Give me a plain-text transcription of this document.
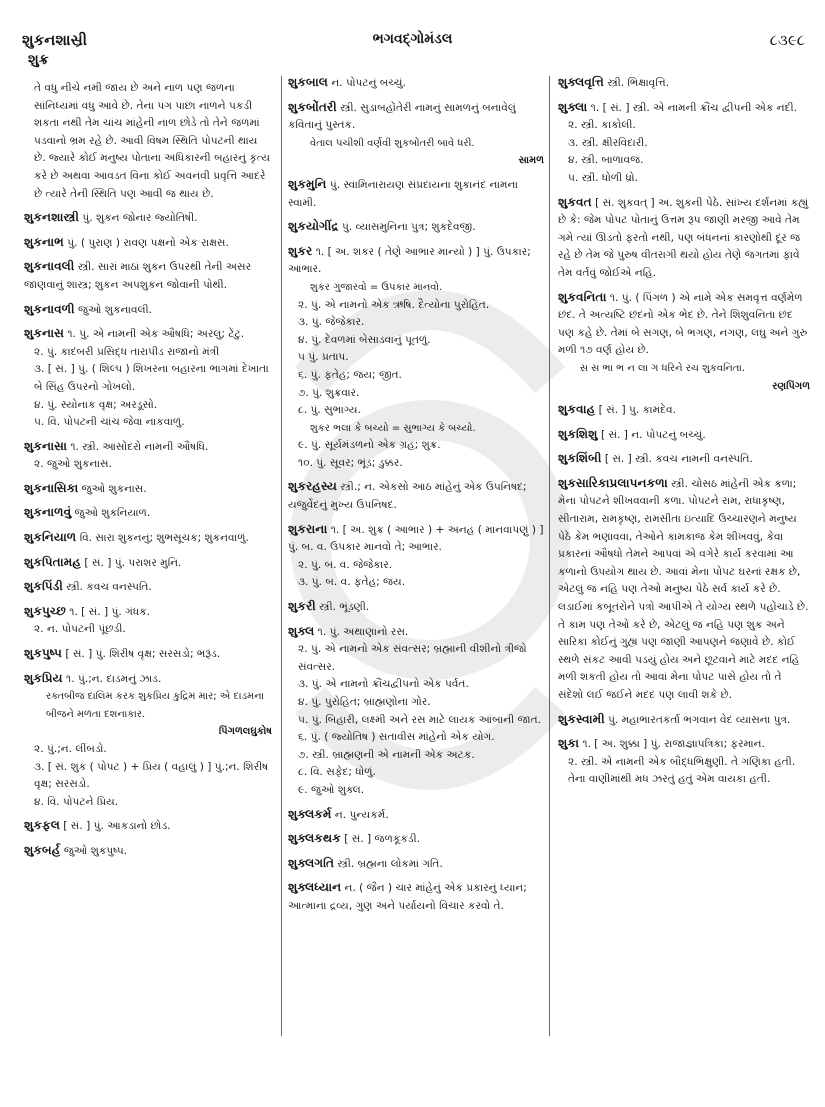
શુકનશાસ્રી
શુક્ર
ભગવદ્ગોમંડલ	૮૩૯૮
તે વધુ નીચે નમી જાય છે અને નાળ પણ જળના સાંનિધ્યમાં વધુ આવે છે. તેના પગ પાછા નાળને પકડી શકતા નથી તેમ ચાંચ માંહેની નાળ છોડે તો તેને જળમાં પડવાનો ભ્રમ રહે છે. આવી વિષમ સ્થિતિ પોપટની થાય છે. જ્યારે કોઈ મનુષ્ય પોતાના અધિકારની બહારનું કૃત્ય કરે છે અથવા આવડત વિના કોઈ અવનવી પ્રવૃત્તિ આદરે છે ત્યારે તેની સ્થિતિ પણ આવી જ થાય છે.
શુકનશાસ્ત્રી પું. શુકન જોનાર જ્યોતિષી.
શુકનાભ પું. ( પુરાણ ) રાવણ પક્ષનો એક રાક્ષસ.
શુકનાવલી સ્ત્રી. સારાં માઠાં શુકન ઉપરથી તેની અસર જાણવાનું શાસ્ત્ર; શુકન અપશુકન જોવાની પોથી.
શુકનાવળી જુઓ શુકનાવલી.
શુકનાસ ૧. પું. એ નામની એક ઔષધિ; અરલુ; ટેંટુ.
૨. પું. કાદંબરી પ્રસિદ્ધ તારાપીડ રાજાનો મંત્રી
૩. [ સં. ] પું. ( શિલ્પ ) શિખરના બહારના ભાગમાં દેખાતા બે સિંહ ઉપરનો ગોખલો.
૪. પું. સ્યોનાક વૃક્ષ; અરડૂસો.
૫. વિ. પોપટની ચાંચ જેવા નાકવાળું.
શુકનાસા ૧. સ્ત્રી. આસોંદરો નામની ઔષધિ.
૨. જુઓ શુકનાસ.
શુકનાસિકા જુઓ શુકનાસ.
શુકનાળવું જુઓ શુકનિયાળ.
શુકનિયાળ વિ. સારા શુકનનું; શુભસૂચક; શુકનવાળું.
શુકપિતામહ [ સં. ] પું. પરાશર મુનિ.
શુકપિંડી સ્ત્રી. કવચ વનસ્પતિ.
શુકપુચ્છ ૧. [ સં. ] પું. ગંધક.
૨. ન. પોપટની પૂંછડી.
શુકપુષ્પ [ સં. ] પું. શિરીષ વૃક્ષ; સરસડો; ભરૂંડ.
શુકપ્રિય ૧. પું.;ન. દાડમનું ઝાડ.
રક્તબીજ દાલિમ કરક શુકપ્રિય કુદ્રિમ માર; એ દાડમના બીજને મળતા દશનાકાર.
પિંગળલઘુકોષ
૨. પું.;ન. લીંબડો.
૩. [ સં. શુક ( પોપટ ) + પ્રિય ( વહાલું ) ] પું.;ન. શિરીષ વૃક્ષ; સરસડો.
૪. વિ. પોપટને પ્રિય.
શુકફલ [ સં. ] પું. આકડાનો છોડ.
શુકબર્હ જુઓ શુકપુષ્પ.
શુકબાલ ન. પોપટનું બચ્ચું.
શુકબોંતરી સ્ત્રી. સુડાબહોંતેરી નામનું સામળનું બનાવેલું કવિતાનું પુસ્તક.
વેતાલ પચીશી વર્ણવી શુકબોંતરી બાવે ધરી.
સામળ
શુકમુનિ પું. સ્વામિનારાયણ સંપ્રદાયના શુકાનંદ નામના સ્વામી.
શુકયોગીંદ્ર પું. વ્યાસમુનિના પુત્ર; શુકદેવજી.
શુકર ૧. [ અ. શકર ( તેણે આભાર માન્યો ) ] પું. ઉપકાર; આભાર.
શુકર ગુજારવો = ઉપકાર માનવો.
૨. પું. એ નામનો એક ઋષિ. દૈત્યોના પુરોહિત.
૩. પું. જેજેકાર.
૪. પું. દેવળમાં બેસાડવાનું પૂતળું.
૫ પું. પ્રતાપ.
૬. પું. ફતેહ; જય; જીત.
૭. પું. શુક્રવાર.
૮. પું. સુભાગ્ય.
શુકર ભલા કે બચ્યો = સુભાગ્ય કે બચ્યો.
૯. પું. સૂર્યમંડળનો એક ગ્રહ; શુક્ર.
૧૦. પું. સૂવર; ભૂંડ; ડુક્કર.
શુકરહસ્ય સ્ત્રી.; ન. એકસો આઠ માંહેનું એક ઉપનિષદ; યજુર્વેદનું મુખ્ય ઉપનિષદ.
શુકરાના ૧. [ અ. શુક્ર ( આભાર ) + અનહ ( માનવાપણું ) ] પું. બ. વ. ઉપકાર માનવો તે; આભાર.
૨. પું. બ. વ. જેજેકાર.
૩. પું. બ. વ. ફતેહ; જય.
શુકરી સ્ત્રી. ભૂંડણી.
શુક્લ ૧. પું. અથાણાનો રસ.
૨. પું. એ નામનો એક સંવત્સર; બ્રહ્માની વીશીનો ત્રીજો સંવત્સર.
૩. પું. એ નામનો ક્રૌંચદ્વીપનો એક પર્વત.
૪. પું. પુરોહિત; બ્રાહ્મણોના ગોર.
૫. પું. બિહારી, લક્ષ્મી અને રસ માટે લાયક આંબાની જાત.
૬. પું. ( જ્યોતિષ ) સતાવીસ માંહેનો એક યોગ.
૭. સ્ત્રી. બ્રાહ્મણની એ નામની એક અટક.
૮. વિ. સફેદ; ધોળું.
૯. જુઓ શુક્લ.
શુક્લકર્મ ન. પુન્યકર્મ.
શુક્લકથક [ સં. ] જળકૂકડી.
શુક્લગતિ સ્ત્રી. બ્રહ્મના લોકમાં ગતિ.
શુક્લધ્યાન ન. ( જૈન ) ચાર માંહેનું એક પ્રકારનું ધ્યાન; આત્માના દ્રવ્ય, ગુણ અને પર્યાયનો વિચાર કરવો તે.
શુક્લવૃત્તિ સ્ત્રી. ભિક્ષાવૃત્તિ.
શુક્લા ૧. [ સં. ] સ્ત્રી. એ નામની ક્રૌંચ દ્વીપની એક નદી.
૨. સ્ત્રી. કાકોલી.
૩. સ્ત્રી. ક્ષીરવિદારી.
૪. સ્ત્રી. બાળાવજ.
૫. સ્ત્રી. ધોળી ધ્રો.
શુકવત [ સં. શુકવત્ ] અ. શુકની પેઠે. સાંખ્ય દર્શનમાં કહ્યું છે કે: જેમ પોપટ પોતાનું ઉત્તમ રૂપ જાણી મરજી આવે તેમ ગમે ત્યાં ઊડતો ફરતો નથી, પણ બંધનનાં કારણોથી દૂર જ રહે છે તેમ જે પુરુષ વીતરાગી થયો હોય તેણે જગતમાં ફાવે તેમ વર્તવું જોઈએ નહિ.
શુકવનિતા ૧. પું. ( પિંગળ ) એ નામે એક સમવૃત્ત વર્ણમેળ છંદ. તે અત્યષ્ટિ છંદનો એક ભેદ છે. તેને શિશુવનિતા છંદ પણ કહે છે. તેમાં બે સગણ, બે ભગણ, નગણ, લઘુ અને ગુરુ મળી ૧૭ વર્ણ હોય છે.
સ સ ભા ભ ન લા ગ ધરિને રચ શુકવનિતા.
રણપિંગળ
શુકવાહ [ સં. ] પુ. કામદેવ.
શુકશિશુ [ સં. ] ન. પોપટનું બચ્ચું.
શુકશિંબી [ સં. ] સ્ત્રી. કવચ નામની વનસ્પતિ.
શુકસારિકાપ્રલાપનકળા સ્ત્રી. ચોસઠ માંહેની એક કળા; મેના પોપટને શીખવવાની કળા. પોપટને રામ, રાધાકૃષ્ણ, સીતારામ, રામકૃષ્ણ, રામસીતા ઇત્યાદિ ઉચ્ચારણને મનુષ્ય પેઠે કેમ ભણાવવા, તેઓને કામકાજ કેમ શીખવવું, કેવા પ્રકારનાં ઔષધો તેમને આપવાં એ વગેરે કાર્ય કરવામાં આ કળાનો ઉપયોગ થાય છે. આવાં મેના પોપટ ઘરનાં રક્ષક છે, એટલું જ નહિ પણ તેઓ મનુષ્ય પેઠે સર્વ કાર્ય કરે છે. લડાઈમાં કબૂતરોને પત્રો આપીએ તે યોગ્ય સ્થળે પહોંચાડે છે. તે કામ પણ તેઓ કરે છે, એટલું જ નહિ પણ શુક અને સારિકા કોઈનું ગુહ્ય પણ જાણી આપણને જણાવે છે. કોઈ સ્થળે સંકટ આવી પડયું હોય અને છૂટવાને માટે મદદ નહિ મળી શકતી હોય તો આવાં મેના પોપટ પાસે હોય તો તે સંદેશો લઈ જઈને મદદ પણ લાવી શકે છે.
શુકસ્વામી પું. મહાભારતકર્તા ભગવાન વેદ વ્યાસના પુત્ર.
શુકા ૧. [ અ. શુક્કા ] પું. રાજાજ્ઞાપત્રિકા; ફરમાન.
૨. સ્ત્રી. એ નામની એક બૌદ્ધભિક્ષુણી. તે ગણિકા હતી. તેના વાણીમાંથી મધ ઝરતું હતું એમ વાયકા હતી.
